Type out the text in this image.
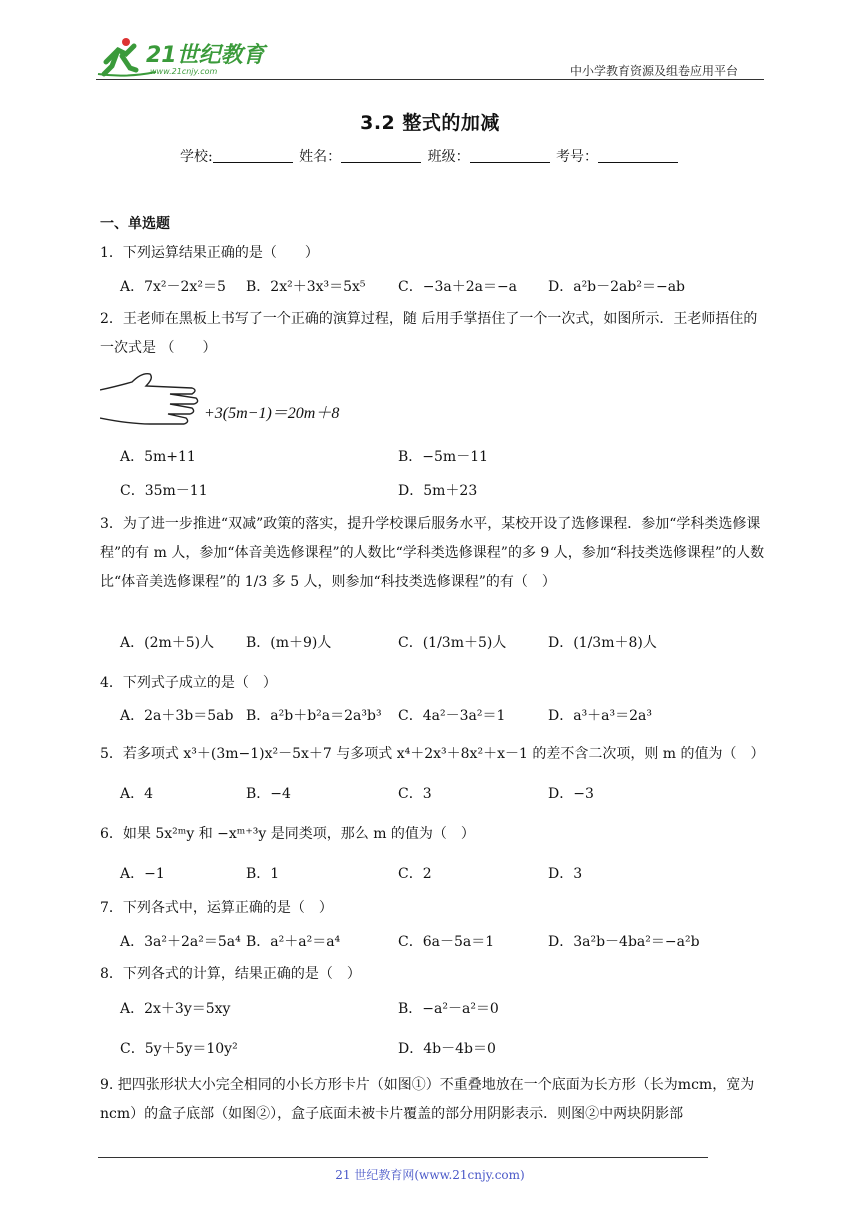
21世纪教育
www.21cnjy.com	中小学教育资源及组卷应用平台
3.2 整式的加减
学校:	姓名：	班级：	考号：
一、单选题
1．下列运算结果正确的是（　　）
A．7x²－2x²＝5 B．2x²＋3x³＝5x⁵ C．−3a＋2a＝−a D．a²b－2ab²＝−ab
2．王老师在黑板上书写了一个正确的演算过程，随 后用手掌捂住了一个一次式，如图所示．王老师捂住的一次式是 （　　）
+3(5m−1)＝20m＋8
A．5m+11	B．−5m－11
C．35m－11	D．5m＋23
3．为了进一步推进“双减”政策的落实，提升学校课后服务水平，某校开设了选修课程．参加“学科类选修课程”的有 m 人，参加“体音美选修课程”的人数比“学科类选修课程”的多 9 人，参加“科技类选修课程”的人数比“体音美选修课程”的 1/3 多 5 人，则参加“科技类选修课程”的有（　）
A．(2m＋5)人 B．(m＋9)人	C．(1/3m＋5)人	D．(1/3m＋8)人
4．下列式子成立的是（　）
A．2a＋3b＝5ab B．a²b＋b²a＝2a³b³ C．4a²－3a²＝1	D．a³＋a³＝2a³
5．若多项式 x³＋(3m−1)x²－5x＋7 与多项式 x⁴＋2x³＋8x²＋x－1 的差不含二次项，则 m 的值为（　）
A．4	B．−4	C．3	D．−3
6．如果 5x²ᵐy 和 −xᵐ⁺³y 是同类项，那么 m 的值为（　）
A．−1	B．1	C．2	D．3
7．下列各式中，运算正确的是（　）
A．3a²＋2a²＝5a⁴ B．a²＋a²＝a⁴	C．6a－5a＝1	D．3a²b－4ba²＝−a²b
8．下列各式的计算，结果正确的是（　）
A．2x＋3y＝5xy	B．−a²－a²＝0
C．5y＋5y＝10y²	D．4b－4b＝0
9. 把四张形状大小完全相同的小长方形卡片（如图①）不重叠地放在一个底面为长方形（长为mcm，宽为ncm）的盒子底部（如图②），盒子底面未被卡片覆盖的部分用阴影表示．则图②中两块阴影部
21 世纪教育网(www.21cnjy.com)
